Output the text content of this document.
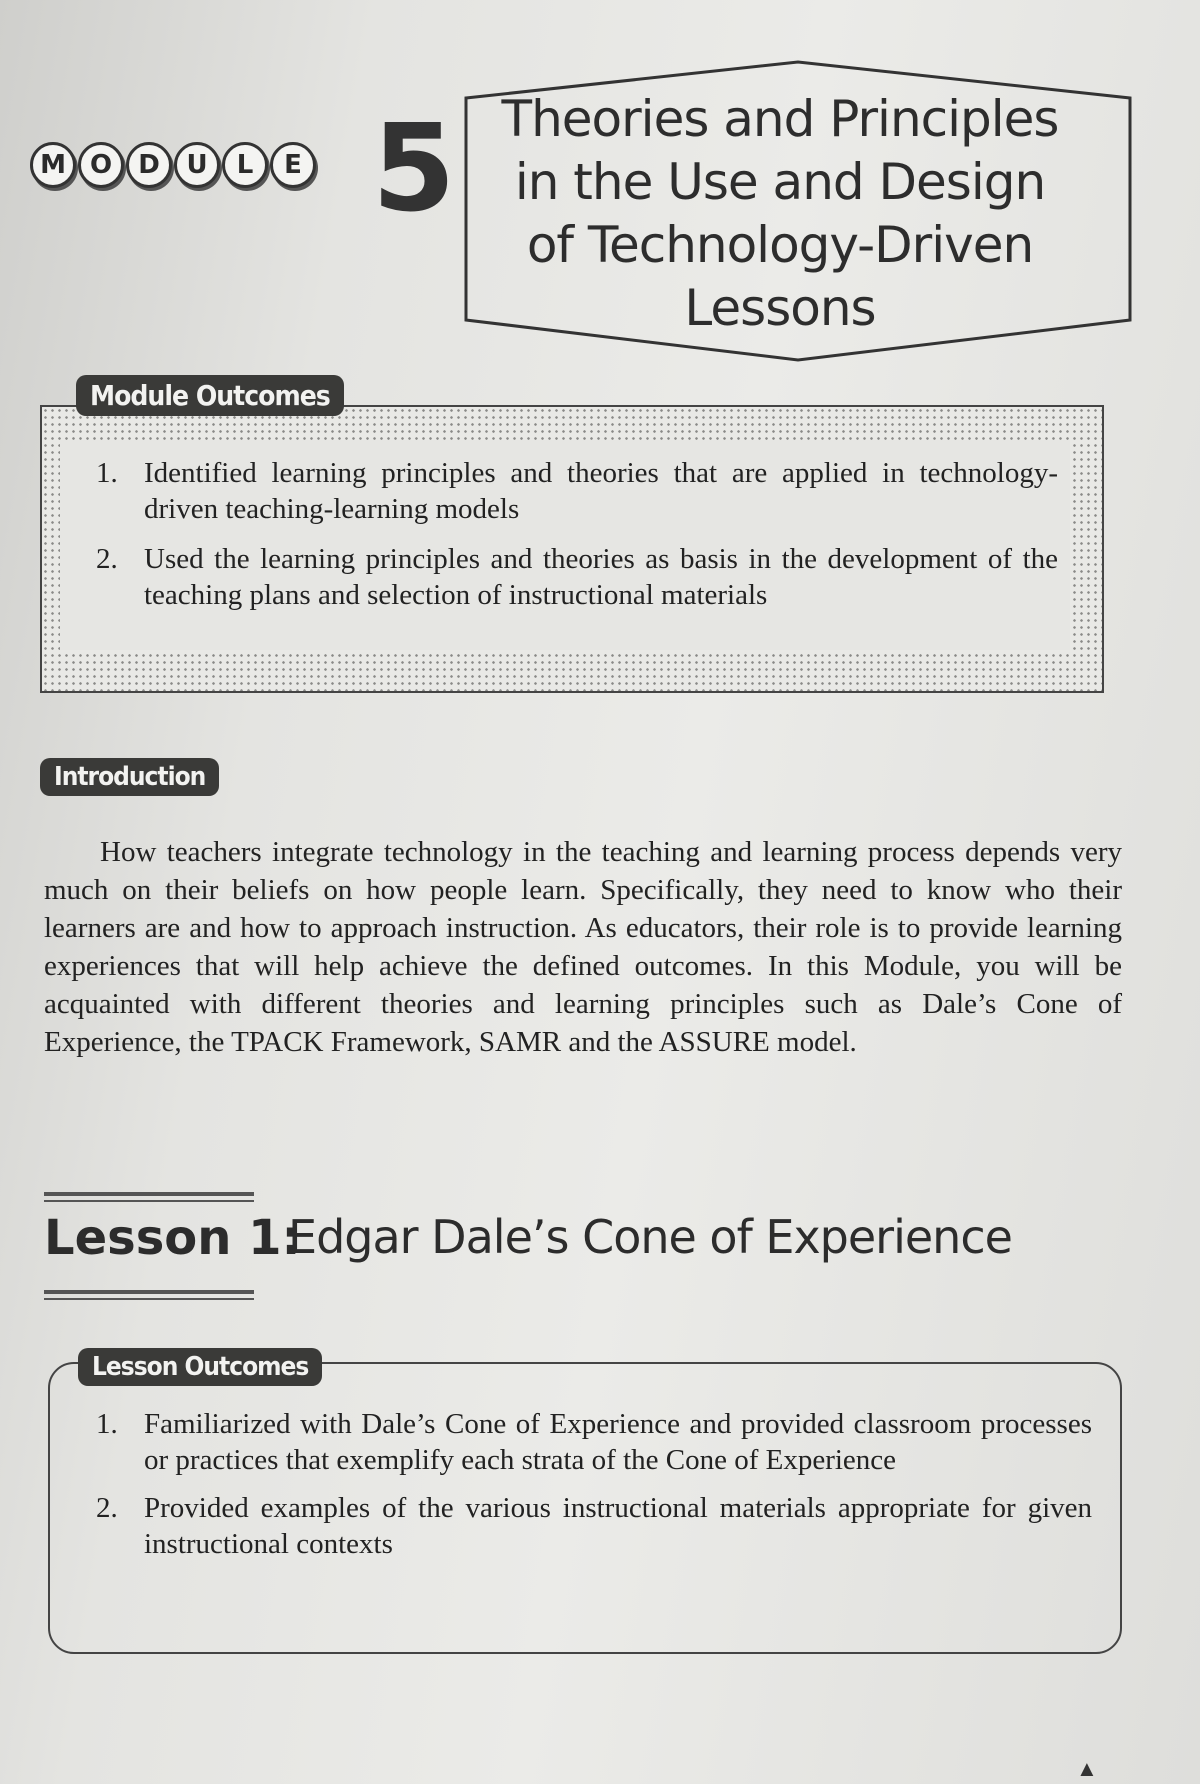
M O	D	U	L	E 5 Theories and Principles
in the Use and Design
of Technology-Driven
Lessons
Module Outcomes
1. Identified learning principles and theories that are applied in technology-driven teaching-learning models
2. Used the learning principles and theories as basis in the development of the teaching plans and selection of instructional materials
Introduction

How teachers integrate technology in the teaching and learning process depends very much on their beliefs on how people learn. Specifically, they need to know who their learners are and how to approach instruction. As educators, their role is to provide learning experiences that will help achieve the defined outcomes. In this Module, you will be acquainted with different theories and learning principles such as Dale’s Cone of Experience, the TPACK Framework, SAMR and the ASSURE model.

Lesson 1:
Edgar Dale’s Cone of Experience
Lesson Outcomes
1. Familiarized with Dale’s Cone of Experience and provided classroom processes or practices that exemplify each strata of the Cone of Experience
2. Provided examples of the various instructional materials appropriate for given instructional contexts
▲
